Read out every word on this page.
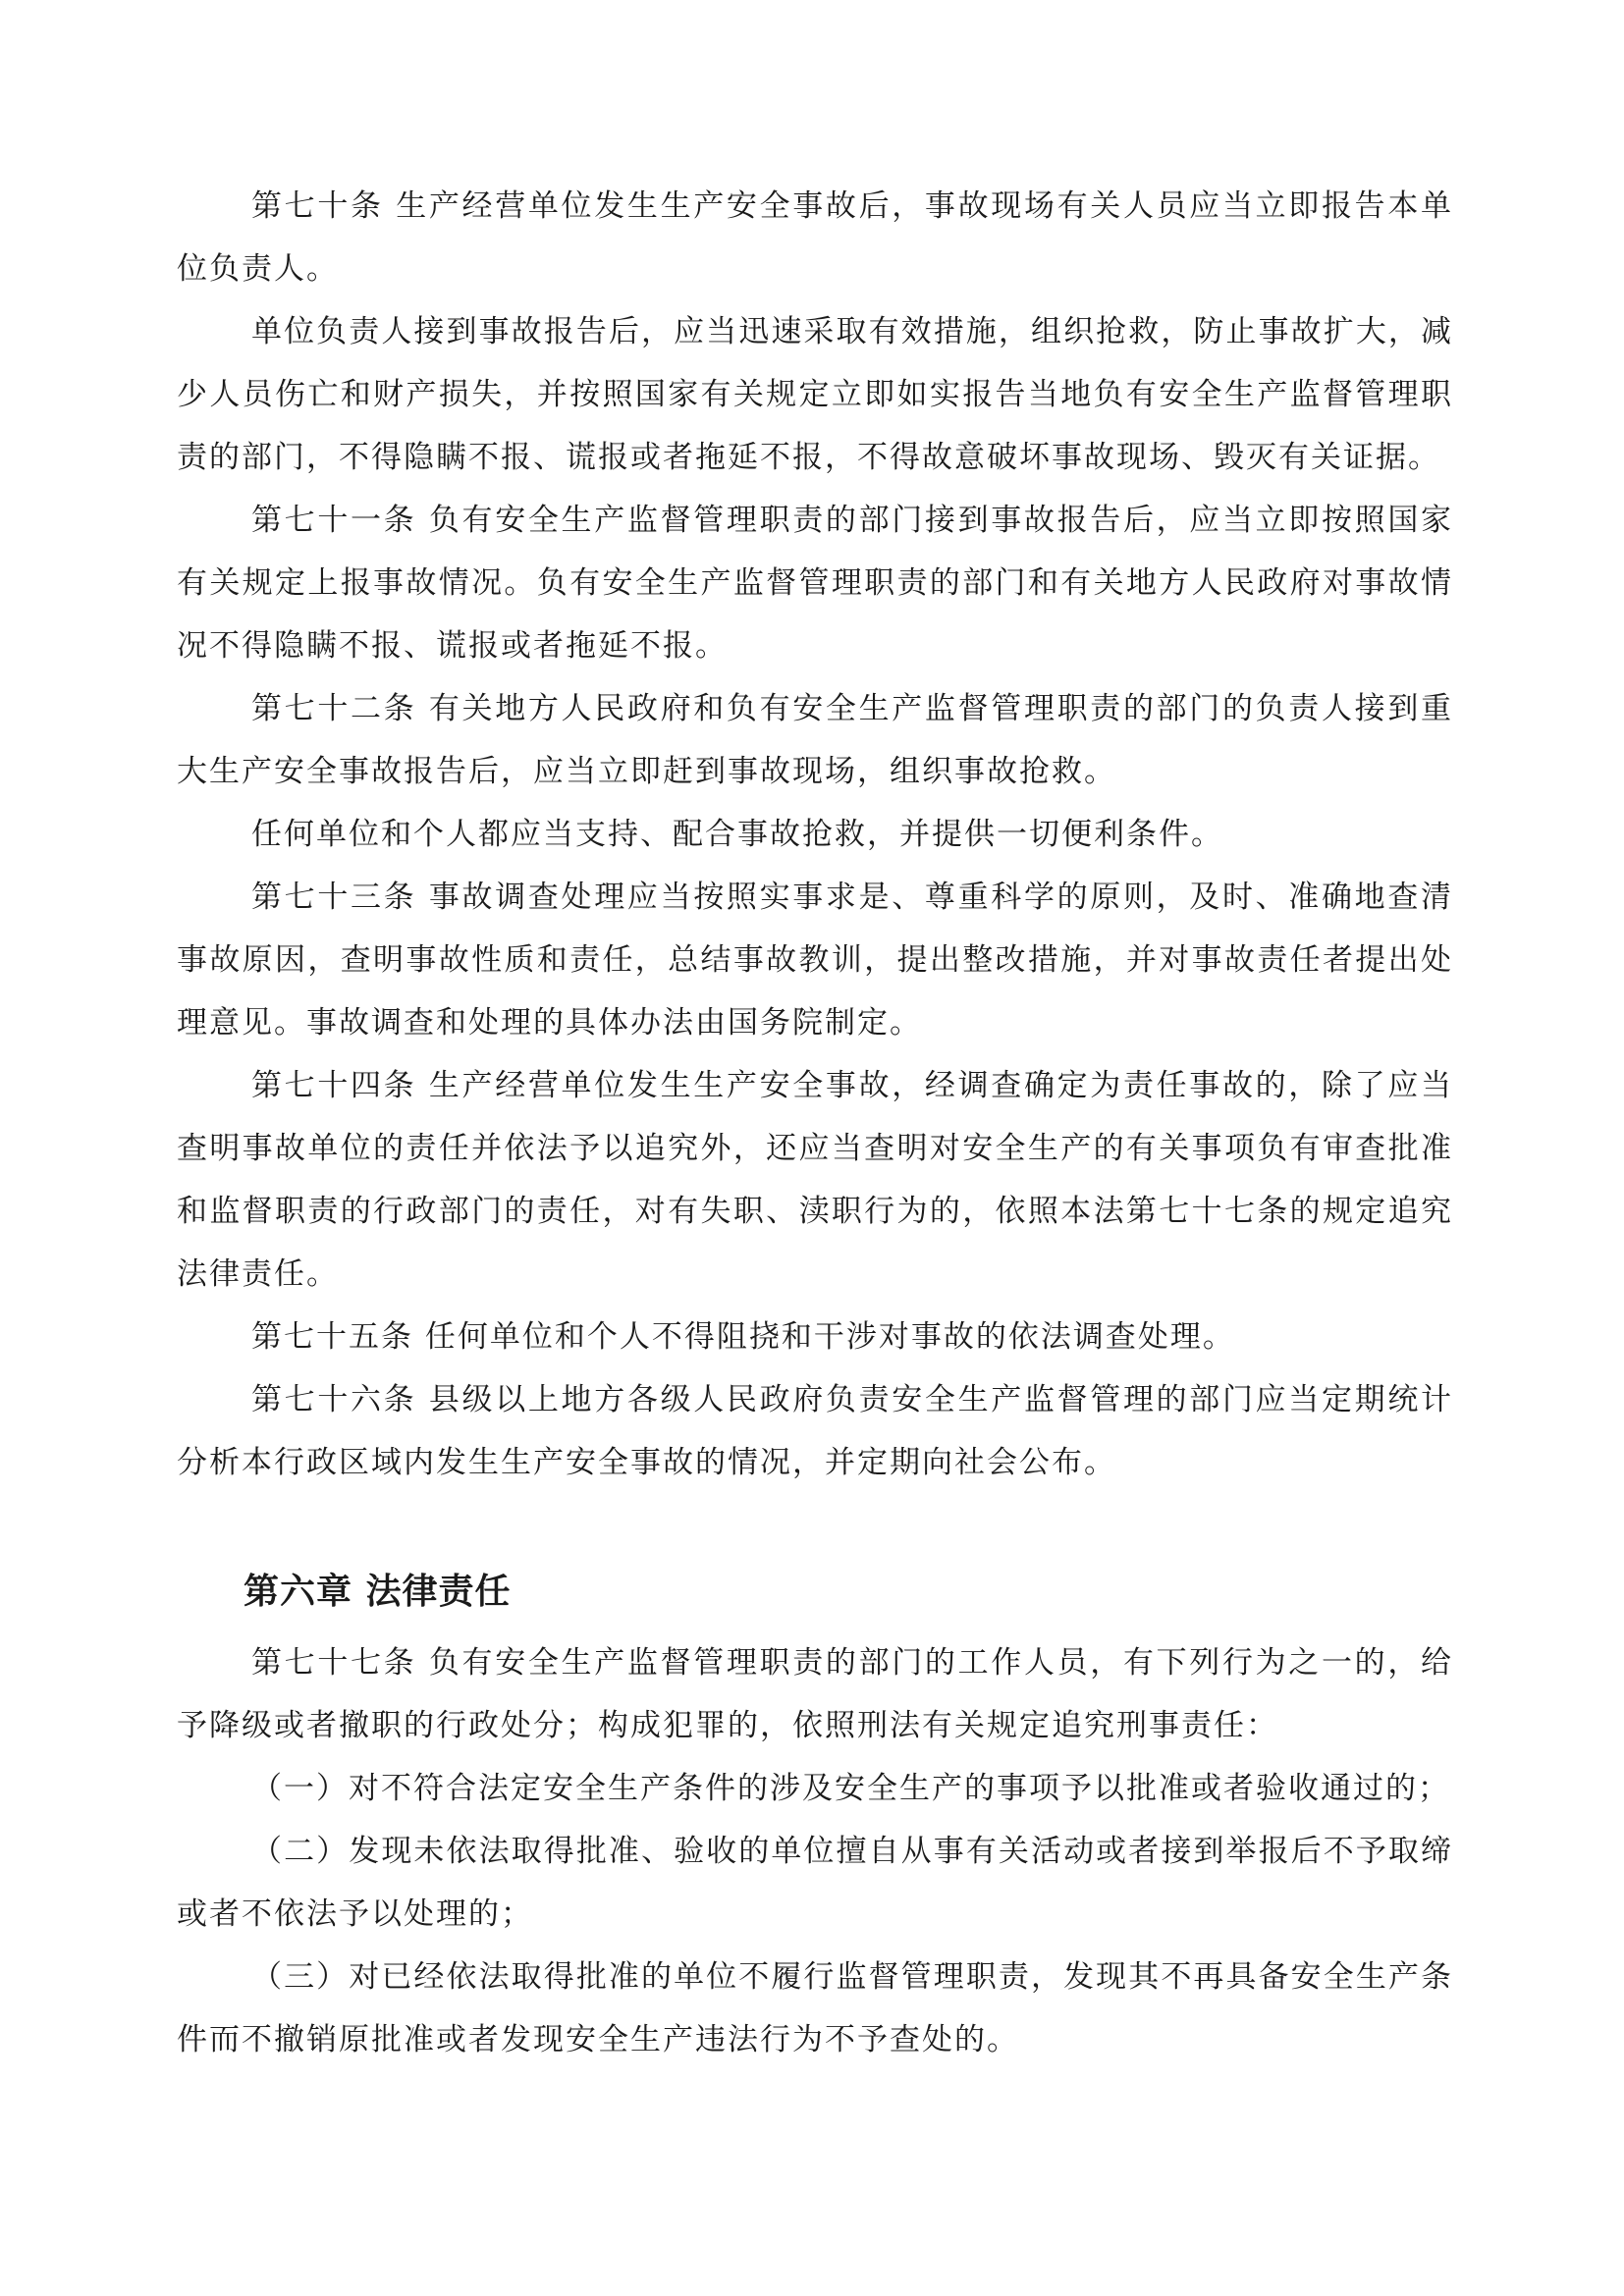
第七十条 生产经营单位发生生产安全事故后，事故现场有关人员应当立即报告本单位负责人。

单位负责人接到事故报告后，应当迅速采取有效措施，组织抢救，防止事故扩大，减少人员伤亡和财产损失，并按照国家有关规定立即如实报告当地负有安全生产监督管理职责的部门，不得隐瞒不报、谎报或者拖延不报，不得故意破坏事故现场、毁灭有关证据。

第七十一条 负有安全生产监督管理职责的部门接到事故报告后，应当立即按照国家有关规定上报事故情况。负有安全生产监督管理职责的部门和有关地方人民政府对事故情况不得隐瞒不报、谎报或者拖延不报。

第七十二条 有关地方人民政府和负有安全生产监督管理职责的部门的负责人接到重大生产安全事故报告后，应当立即赶到事故现场，组织事故抢救。

任何单位和个人都应当支持、配合事故抢救，并提供一切便利条件。

第七十三条 事故调查处理应当按照实事求是、尊重科学的原则，及时、准确地查清事故原因，查明事故性质和责任，总结事故教训，提出整改措施，并对事故责任者提出处理意见。事故调查和处理的具体办法由国务院制定。

第七十四条 生产经营单位发生生产安全事故，经调查确定为责任事故的，除了应当查明事故单位的责任并依法予以追究外，还应当查明对安全生产的有关事项负有审查批准和监督职责的行政部门的责任，对有失职、渎职行为的，依照本法第七十七条的规定追究法律责任。

第七十五条 任何单位和个人不得阻挠和干涉对事故的依法调查处理。

第七十六条 县级以上地方各级人民政府负责安全生产监督管理的部门应当定期统计分析本行政区域内发生生产安全事故的情况，并定期向社会公布。

第六章 法律责任

第七十七条 负有安全生产监督管理职责的部门的工作人员，有下列行为之一的，给予降级或者撤职的行政处分；构成犯罪的，依照刑法有关规定追究刑事责任：

（一）对不符合法定安全生产条件的涉及安全生产的事项予以批准或者验收通过的；

（二）发现未依法取得批准、验收的单位擅自从事有关活动或者接到举报后不予取缔或者不依法予以处理的；

（三）对已经依法取得批准的单位不履行监督管理职责，发现其不再具备安全生产条件而不撤销原批准或者发现安全生产违法行为不予查处的。
